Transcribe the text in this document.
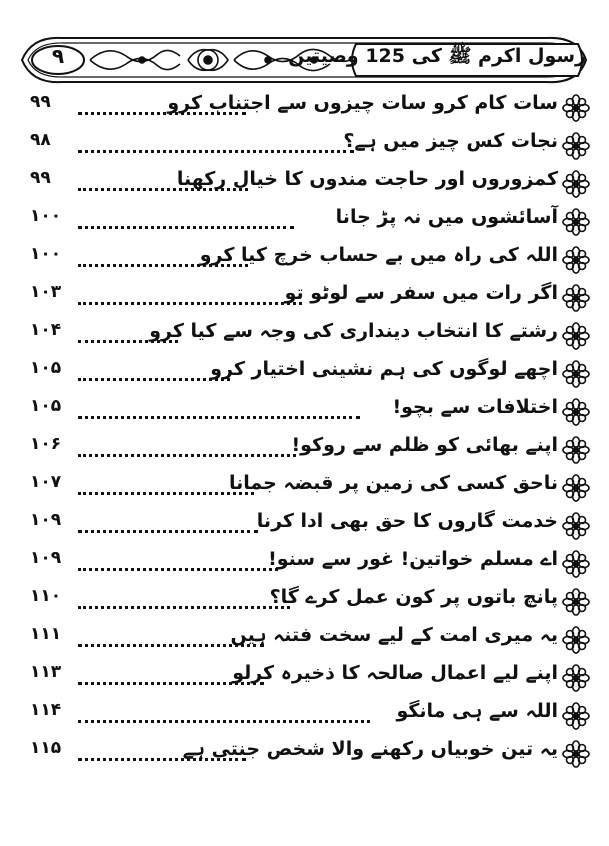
۹	رسول اکرم ﷺ کی 125 وصیتیں
سات کام کرو سات چیزوں سے اجتناب کرو
۹۹
نجات کس چیز میں ہے؟
۹۸
کمزوروں اور حاجت مندوں کا خیال رکھنا
۹۹
آسائشوں میں نہ پڑ جانا
۱۰۰
اللہ کی راہ میں بے حساب خرچ کیا کرو
۱۰۰
اگر رات میں سفر سے لوٹو تو
۱۰۳
رشتے کا انتخاب دینداری کی وجہ سے کیا کرو
۱۰۴
اچھے لوگوں کی ہم نشینی اختیار کرو
۱۰۵
اختلافات سے بچو!
۱۰۵
اپنے بھائی کو ظلم سے روکو!
۱۰۶
ناحق کسی کی زمین پر قبضہ جمانا
۱۰۷
خدمت گاروں کا حق بھی ادا کرنا
۱۰۹
اے مسلم خواتین! غور سے سنو!
۱۰۹
پانچ باتوں پر کون عمل کرے گا؟
۱۱۰
یہ میری امت کے لیے سخت فتنہ ہیں
۱۱۱
اپنے لیے اعمال صالحہ کا ذخیرہ کرلو
۱۱۳
اللہ سے ہی مانگو
۱۱۴
یہ تین خوبیاں رکھنے والا شخص جنتی ہے
۱۱۵
